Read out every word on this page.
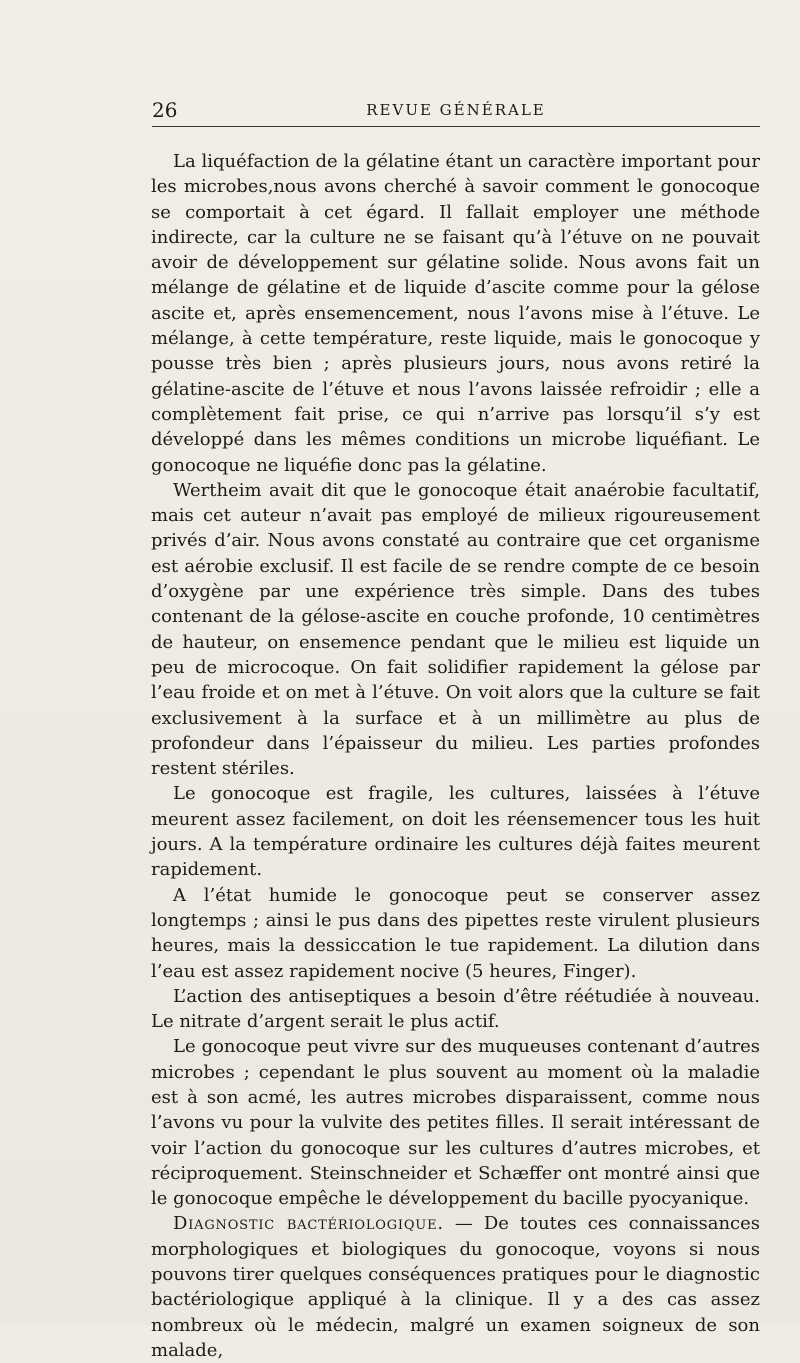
26	REVUE GÉNÉRALE

La liquéfaction de la gélatine étant un caractère important pour les microbes,nous avons cherché à savoir comment le gonocoque se comportait à cet égard. Il fallait employer une méthode indirecte, car la culture ne se faisant qu’à l’étuve on ne pouvait avoir de développement sur gélatine solide. Nous avons fait un mélange de gélatine et de liquide d’ascite comme pour la gélose ascite et, après ensemencement, nous l’avons mise à l’étuve. Le mélange, à cette température, reste liquide, mais le gonocoque y pousse très bien ; après plusieurs jours, nous avons retiré la gélatine-ascite de l’étuve et nous l’avons laissée refroidir ; elle a complètement fait prise, ce qui n’arrive pas lorsqu’il s’y est développé dans les mêmes conditions un microbe liquéfiant. Le gonocoque ne liquéfie donc pas la gélatine.

Wertheim avait dit que le gonocoque était anaérobie facultatif, mais cet auteur n’avait pas employé de milieux rigoureusement privés d’air. Nous avons constaté au contraire que cet organisme est aérobie exclusif. Il est facile de se rendre compte de ce besoin d’oxygène par une expérience très simple. Dans des tubes contenant de la gélose-ascite en couche profonde, 10 centimètres de hauteur, on ensemence pendant que le milieu est liquide un peu de microcoque. On fait solidifier rapidement la gélose par l’eau froide et on met à l’étuve. On voit alors que la culture se fait exclusivement à la surface et à un millimètre au plus de profondeur dans l’épaisseur du milieu. Les parties profondes restent stériles.

Le gonocoque est fragile, les cultures, laissées à l’étuve meurent assez facilement, on doit les réensemencer tous les huit jours. A la température ordinaire les cultures déjà faites meurent rapidement.

A l’état humide le gonocoque peut se conserver assez longtemps ; ainsi le pus dans des pipettes reste virulent plusieurs heures, mais la dessiccation le tue rapidement. La dilution dans l’eau est assez rapidement nocive (5 heures, Finger).

L’action des antiseptiques a besoin d’être réétudiée à nouveau. Le nitrate d’argent serait le plus actif.

Le gonocoque peut vivre sur des muqueuses contenant d’autres microbes ; cependant le plus souvent au moment où la maladie est à son acmé, les autres microbes disparaissent, comme nous l’avons vu pour la vulvite des petites filles. Il serait intéressant de voir l’action du gonocoque sur les cultures d’autres microbes, et réciproquement. Steinschneider et Schæffer ont montré ainsi que le gonocoque empêche le développement du bacille pyocyanique.

Diagnostic bactériologique. — De toutes ces connaissances morphologiques et biologiques du gonocoque, voyons si nous pouvons tirer quelques conséquences pratiques pour le diagnostic bactériologique appliqué à la clinique. Il y a des cas assez nombreux où le médecin, malgré un examen soigneux de son malade,
